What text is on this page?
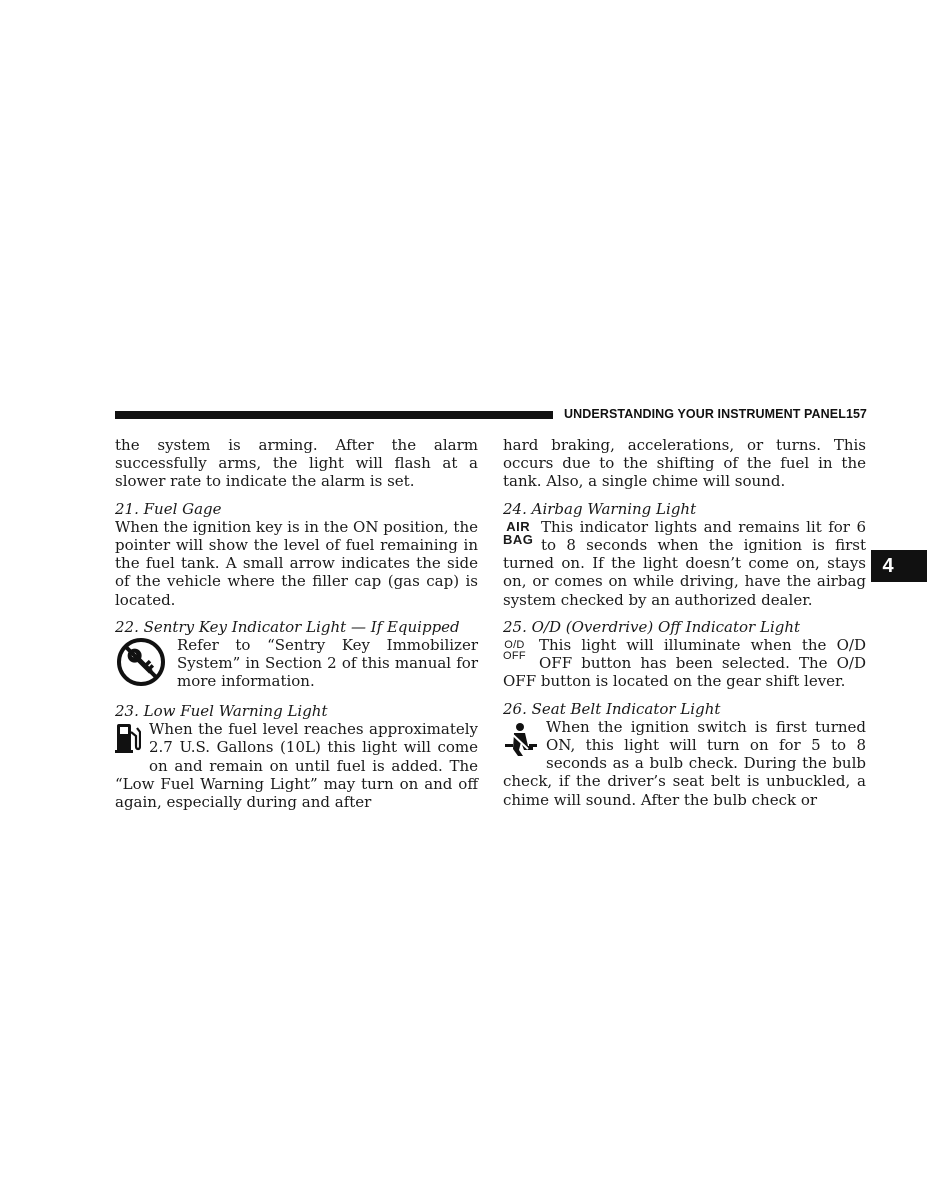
UNDERSTANDING YOUR INSTRUMENT PANEL 157
4

the system is arming. After the alarm successfully arms, the light will flash at a slower rate to indicate the alarm is set.

21. Fuel Gage

When the ignition key is in the ON position, the pointer will show the level of fuel remaining in the fuel tank. A small arrow indicates the side of the vehicle where the filler cap (gas cap) is located.

22. Sentry Key Indicator Light — If Equipped

Refer to “Sentry Key Immobilizer System” in Section 2 of this manual for more information.

23. Low Fuel Warning Light

When the fuel level reaches approximately 2.7 U.S. Gallons (10L) this light will come on and remain on until fuel is added. The “Low Fuel Warning Light” may turn on and off again, especially during and after

hard braking, accelerations, or turns. This occurs due to the shifting of the fuel in the tank. Also, a single chime will sound.

24. Airbag Warning Light
AIR
BAG

This indicator lights and remains lit for 6 to 8 seconds when the ignition is first turned on. If the light doesn’t come on, stays on, or comes on while driving, have the airbag system checked by an authorized dealer.

25. O/D (Overdrive) Off Indicator Light
O/D
OFF

This light will illuminate when the O/D OFF button has been selected. The O/D OFF button is located on the gear shift lever.

26. Seat Belt Indicator Light

When the ignition switch is first turned ON, this light will turn on for 5 to 8 seconds as a bulb check. During the bulb check, if the driver’s seat belt is unbuckled, a chime will sound. After the bulb check or
